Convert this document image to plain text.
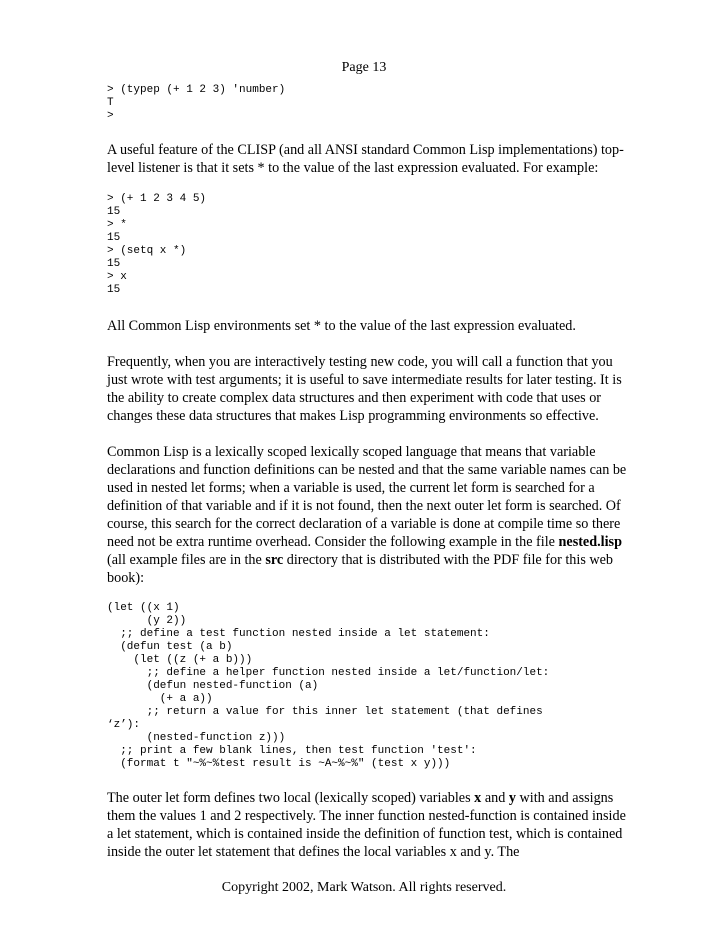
Page 13
> (typep (+ 1 2 3) 'number)
T
>

A useful feature of the CLISP (and all ANSI standard Common Lisp implementations) top-level listener is that it sets * to the value of the last expression evaluated. For example:

> (+ 1 2 3 4 5)
15
> *
15
> (setq x *)
15
> x
15

All Common Lisp environments set * to the value of the last expression evaluated.

Frequently, when you are interactively testing new code, you will call a function that you just wrote with test arguments; it is useful to save intermediate results for later testing. It is the ability to create complex data structures and then experiment with code that uses or changes these data structures that makes Lisp programming environments so effective.

Common Lisp is a lexically scoped lexically scoped language that means that variable declarations and function definitions can be nested and that the same variable names can be used in nested let forms; when a variable is used, the current let form is searched for a definition of that variable and if it is not found, then the next outer let form is searched. Of course, this search for the correct declaration of a variable is done at compile time so there need not be extra runtime overhead. Consider the following example in the file nested.lisp (all example files are in the src directory that is distributed with the PDF file for this web book):

(let ((x 1)
(y 2))
;; define a test function nested inside a let statement:
(defun test (a b)
(let ((z (+ a b)))
;; define a helper function nested inside a let/function/let:
(defun nested-function (a)
(+ a a))
;; return a value for this inner let statement (that defines
‘z’):
(nested-function z)))
;; print a few blank lines, then test function 'test':
(format t "~%~%test result is ~A~%~%" (test x y)))

The outer let form defines two local (lexically scoped) variables x and y with and assigns them the values 1 and 2 respectively. The inner function nested-function is contained inside a let statement, which is contained inside the definition of function test, which is contained inside the outer let statement that defines the local variables x and y. The

Copyright 2002, Mark Watson. All rights reserved.
